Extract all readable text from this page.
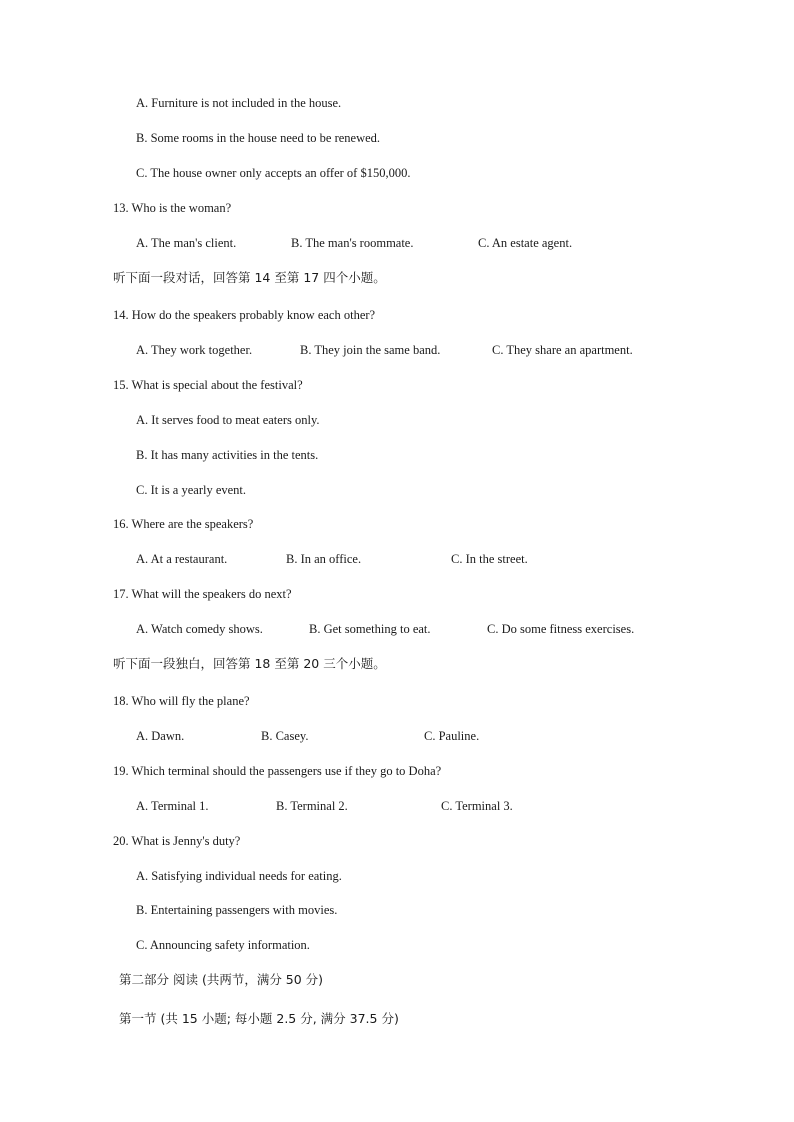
A. Furniture is not included in the house.
B. Some rooms in the house need to be renewed.
C. The house owner only accepts an offer of $150,000.
13. Who is the woman?
A. The man's client.	B. The man's roommate.	C. An estate agent.
听下面一段对话，回答第 14 至第 17 四个小题。
14. How do the speakers probably know each other?
A. They work together.	B. They join the same band.	C. They share an apartment.
15. What is special about the festival?
A. It serves food to meat eaters only.
B. It has many activities in the tents.
C. It is a yearly event.
16. Where are the speakers?
A. At a restaurant.	B. In an office.	C. In the street.
17. What will the speakers do next?
A. Watch comedy shows.	B. Get something to eat.	C. Do some fitness exercises.
听下面一段独白，回答第 18 至第 20 三个小题。
18. Who will fly the plane?
A. Dawn.	B. Casey.	C. Pauline.
19. Which terminal should the passengers use if they go to Doha?
A. Terminal 1.	B. Terminal 2.	C. Terminal 3.
20. What is Jenny's duty?
A. Satisfying individual needs for eating.
B. Entertaining passengers with movies.
C. Announcing safety information.
第二部分 阅读 (共两节，满分 50 分)
第一节 (共 15 小题; 每小题 2.5 分, 满分 37.5 分)
